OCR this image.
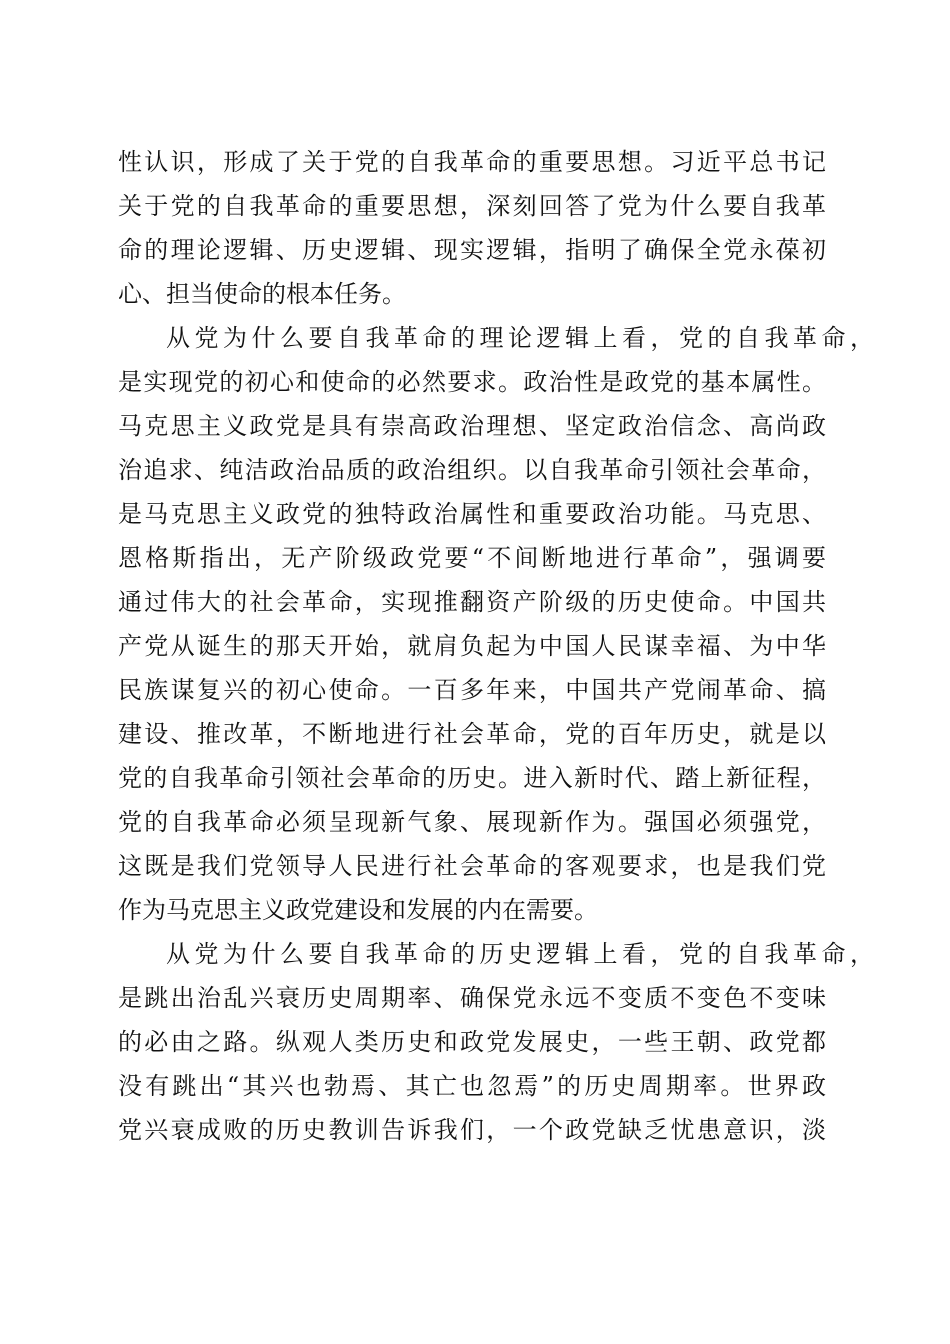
性认识，形成了关于党的自我革命的重要思想。习近平总书记
关于党的自我革命的重要思想，深刻回答了党为什么要自我革
命的理论逻辑、历史逻辑、现实逻辑，指明了确保全党永葆初
心、担当使命的根本任务。
从党为什么要自我革命的理论逻辑上看，党的自我革命，
是实现党的初心和使命的必然要求。政治性是政党的基本属性。
马克思主义政党是具有崇高政治理想、坚定政治信念、高尚政
治追求、纯洁政治品质的政治组织。以自我革命引领社会革命，
是马克思主义政党的独特政治属性和重要政治功能。马克思、
恩格斯指出，无产阶级政党要“不间断地进行革命”，强调要
通过伟大的社会革命，实现推翻资产阶级的历史使命。中国共
产党从诞生的那天开始，就肩负起为中国人民谋幸福、为中华
民族谋复兴的初心使命。一百多年来，中国共产党闹革命、搞
建设、推改革，不断地进行社会革命，党的百年历史，就是以
党的自我革命引领社会革命的历史。进入新时代、踏上新征程，
党的自我革命必须呈现新气象、展现新作为。强国必须强党，
这既是我们党领导人民进行社会革命的客观要求，也是我们党
作为马克思主义政党建设和发展的内在需要。
从党为什么要自我革命的历史逻辑上看，党的自我革命，
是跳出治乱兴衰历史周期率、确保党永远不变质不变色不变味
的必由之路。纵观人类历史和政党发展史，一些王朝、政党都
没有跳出“其兴也勃焉、其亡也忽焉”的历史周期率。世界政
党兴衰成败的历史教训告诉我们，一个政党缺乏忧患意识，淡
